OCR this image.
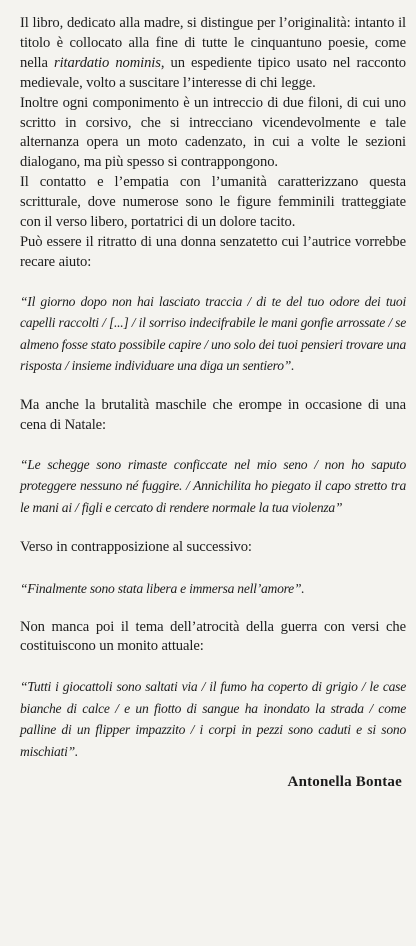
Il libro, dedicato alla madre, si distingue per l’originalità: intanto il titolo è collocato alla fine di tutte le cinquantuno poesie, come nella ritardatio nominis, un espediente tipico usato nel racconto medievale, volto a suscitare l’interesse di chi legge.

Inoltre ogni componimento è un intreccio di due filoni, di cui uno scritto in corsivo, che si intrecciano vicendevolmente e tale alternanza opera un moto cadenzato, in cui a volte le sezioni dialogano, ma più spesso si contrappongono.

Il contatto e l’empatia con l’umanità caratterizzano questa scritturale, dove numerose sono le figure femminili tratteggiate con il verso libero, portatrici di un dolore tacito.

Può essere il ritratto di una donna senzatetto cui l’autrice vorrebbe recare aiuto:

“Il giorno dopo non hai lasciato traccia / di te del tuo odore dei tuoi capelli raccolti / [...] / il sorriso indecifrabile le mani gonfie arrossate / se almeno fosse stato possibile capire / uno solo dei tuoi pensieri trovare una risposta / insieme individuare una diga un sentiero”.

Ma anche la brutalità maschile che erompe in occasione di una cena di Natale:

“Le schegge sono rimaste conficcate nel mio seno / non ho saputo proteggere nessuno né fuggire. / Annichilita ho piegato il capo stretto tra le mani ai / figli e cercato di rendere normale la tua violenza”

Verso in contrapposizione al successivo:

“Finalmente sono stata libera e immersa nell’amore”.

Non manca poi il tema dell’atrocità della guerra con versi che costituiscono un monito attuale:

“Tutti i giocattoli sono saltati via / il fumo ha coperto di grigio / le case bianche di calce / e un fiotto di sangue ha inondato la strada / come palline di un flipper impazzito / i corpi in pezzi sono caduti e si sono mischiati”.

Antonella Bontae
